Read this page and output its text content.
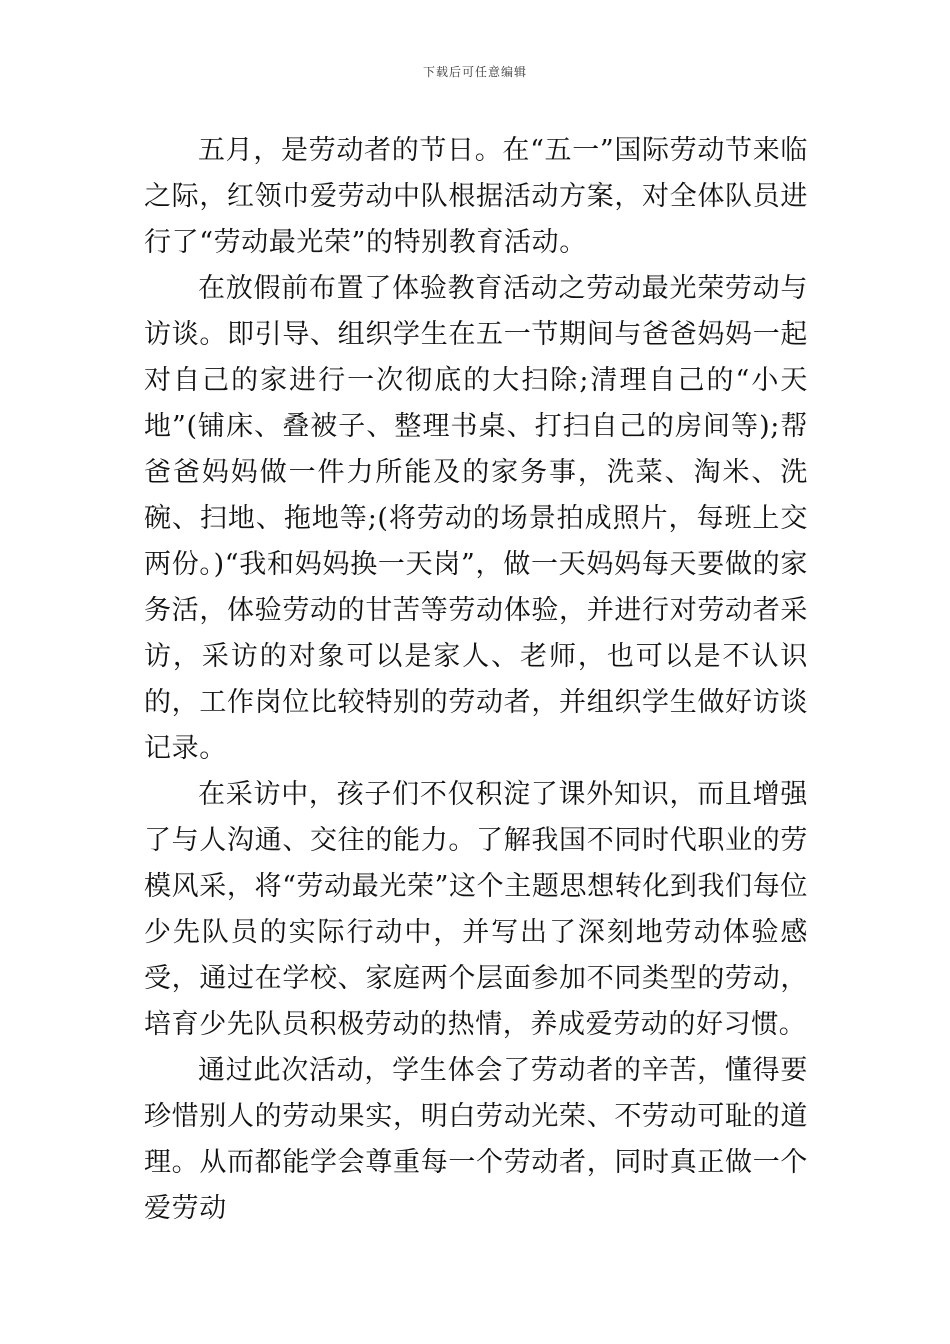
下载后可任意编辑

五月，是劳动者的节日。在“五一”国际劳动节来临之际，红领巾爱劳动中队根据活动方案，对全体队员进行了“劳动最光荣”的特别教育活动。

在放假前布置了体验教育活动之劳动最光荣劳动与访谈。即引导、组织学生在五一节期间与爸爸妈妈一起对自己的家进行一次彻底的大扫除;清理自己的“小天地”(铺床、叠被子、整理书桌、打扫自己的房间等);帮爸爸妈妈做一件力所能及的家务事，洗菜、淘米、洗碗、扫地、拖地等;(将劳动的场景拍成照片，每班上交两份。)“我和妈妈换一天岗”，做一天妈妈每天要做的家务活，体验劳动的甘苦等劳动体验，并进行对劳动者采访，采访的对象可以是家人、老师，也可以是不认识的，工作岗位比较特别的劳动者，并组织学生做好访谈记录。

在采访中，孩子们不仅积淀了课外知识，而且增强了与人沟通、交往的能力。了解我国不同时代职业的劳模风采，将“劳动最光荣”这个主题思想转化到我们每位少先队员的实际行动中，并写出了深刻地劳动体验感受，通过在学校、家庭两个层面参加不同类型的劳动，培育少先队员积极劳动的热情，养成爱劳动的好习惯。

通过此次活动，学生体会了劳动者的辛苦，懂得要珍惜别人的劳动果实，明白劳动光荣、不劳动可耻的道理。从而都能学会尊重每一个劳动者，同时真正做一个爱劳动
